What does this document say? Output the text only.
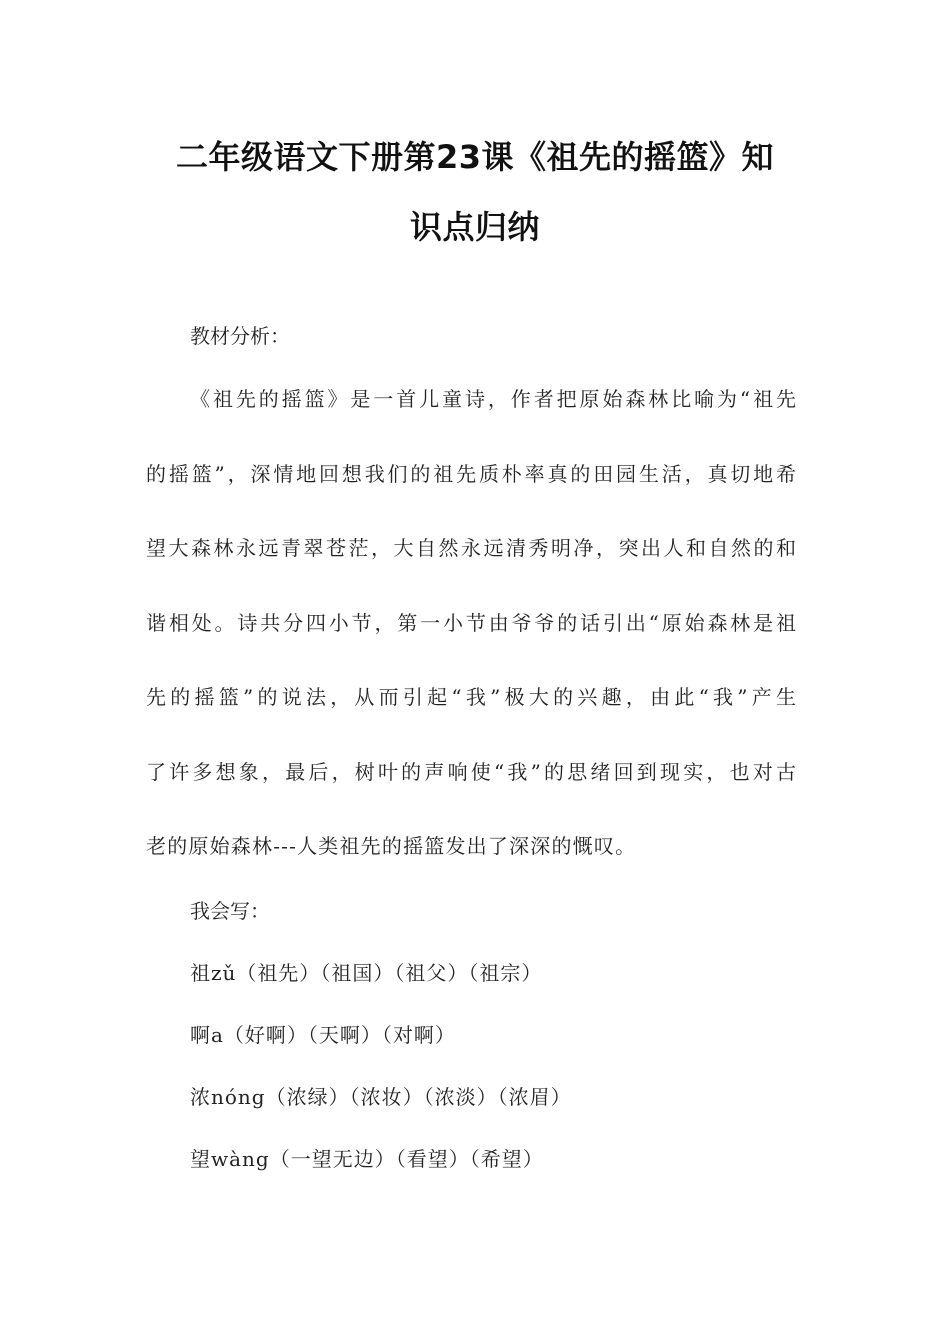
二年级语文下册第23课《祖先的摇篮》知
识点归纳
教材分析：
《祖先的摇篮》是一首儿童诗，作者把原始森林比喻为“祖先
的摇篮”，深情地回想我们的祖先质朴率真的田园生活，真切地希
望大森林永远青翠苍茫，大自然永远清秀明净，突出人和自然的和
谐相处。诗共分四小节，第一小节由爷爷的话引出“原始森林是祖
先的摇篮”的说法，从而引起“我”极大的兴趣，由此“我”产生
了许多想象，最后，树叶的声响使“我”的思绪回到现实，也对古
老的原始森林---人类祖先的摇篮发出了深深的慨叹。
我会写：
祖zǔ（祖先）（祖国）（祖父）（祖宗）
啊a（好啊）（天啊）（对啊）
浓nóng（浓绿）（浓妆）（浓淡）（浓眉）
望wàng（一望无边）（看望）（希望）
